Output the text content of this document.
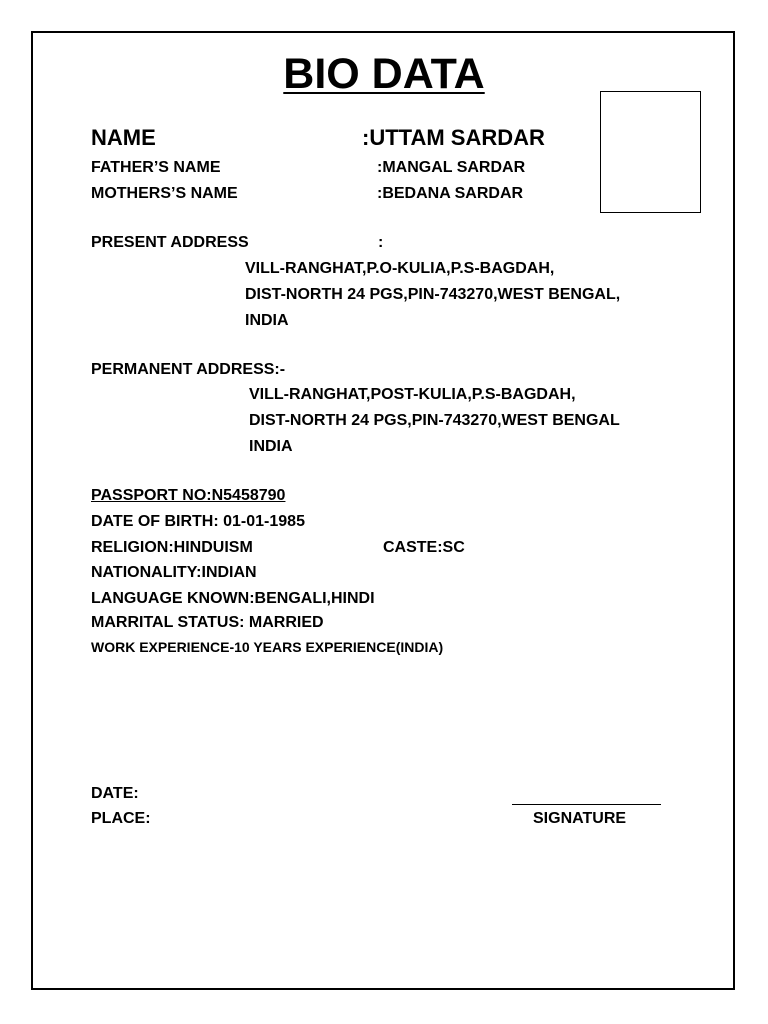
BIO DATA
NAME	:UTTAM SARDAR
FATHER’S NAME	:MANGAL SARDAR
MOTHERS’S NAME	:BEDANA SARDAR
PRESENT ADDRESS	:
VILL-RANGHAT,P.O-KULIA,P.S-BAGDAH,
DIST-NORTH 24 PGS,PIN-743270,WEST BENGAL,
INDIA
PERMANENT ADDRESS:-
VILL-RANGHAT,POST-KULIA,P.S-BAGDAH,
DIST-NORTH 24 PGS,PIN-743270,WEST BENGAL
INDIA
PASSPORT NO:N5458790
DATE OF BIRTH: 01-01-1985
RELIGION:HINDUISM	CASTE:SC
NATIONALITY:INDIAN
LANGUAGE KNOWN:BENGALI,HINDI
MARRITAL STATUS: MARRIED
WORK EXPERIENCE-10 YEARS EXPERIENCE(INDIA)
DATE:
PLACE:	SIGNATURE
